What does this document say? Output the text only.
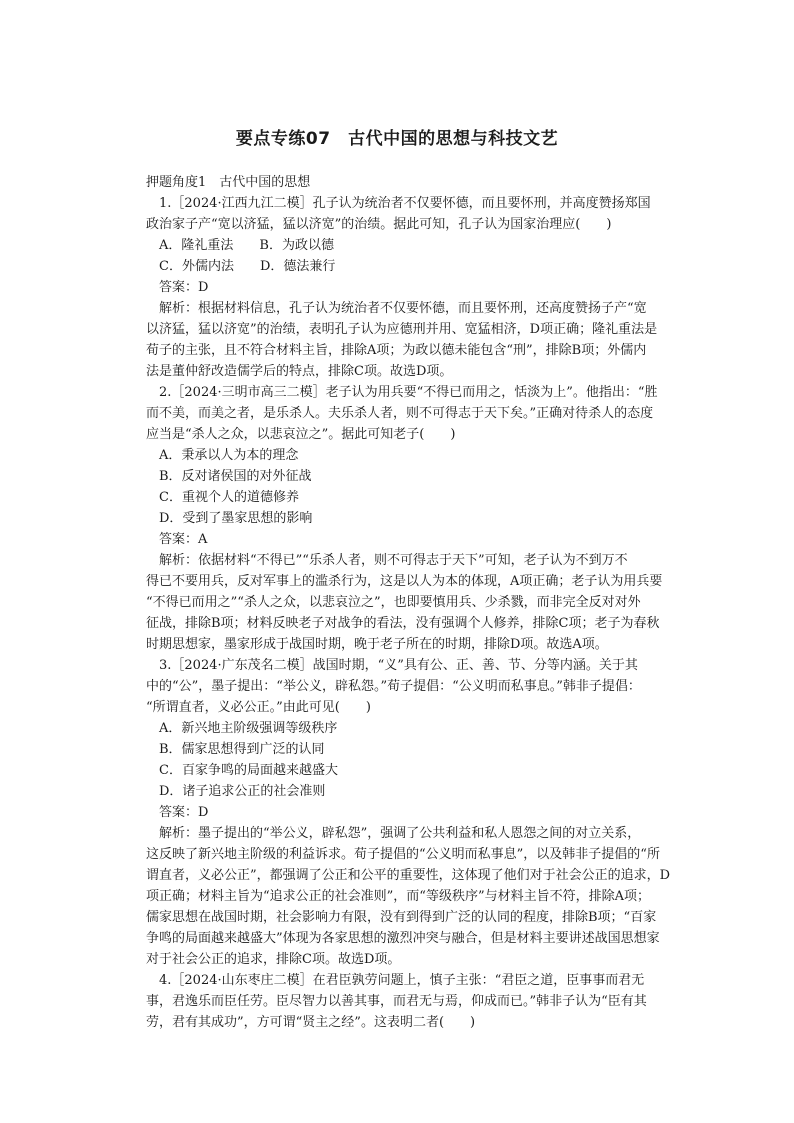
要点专练07　古代中国的思想与科技文艺
押题角度1　古代中国的思想
　1.［2024·江西九江二模］孔子认为统治者不仅要怀德，而且要怀刑，并高度赞扬郑国
政治家子产“宽以济猛，猛以济宽”的治绩。据此可知，孔子认为国家治理应(　　)
　A．隆礼重法　　B．为政以德
　C．外儒内法　　D．德法兼行
　答案：D
　解析：根据材料信息，孔子认为统治者不仅要怀德，而且要怀刑，还高度赞扬子产“宽
以济猛，猛以济宽”的治绩，表明孔子认为应德刑并用、宽猛相济，D项正确；隆礼重法是
荀子的主张，且不符合材料主旨，排除A项；为政以德未能包含“刑”，排除B项；外儒内
法是董仲舒改造儒学后的特点，排除C项。故选D项。
　2.［2024·三明市高三二模］老子认为用兵要“不得已而用之，恬淡为上”。他指出：“胜
而不美，而美之者，是乐杀人。夫乐杀人者，则不可得志于天下矣。”正确对待杀人的态度
应当是“杀人之众，以悲哀泣之”。据此可知老子(　　)
　A．秉承以人为本的理念
　B．反对诸侯国的对外征战
　C．重视个人的道德修养
　D．受到了墨家思想的影响
　答案：A
　解析：依据材料“不得已”“乐杀人者，则不可得志于天下”可知，老子认为不到万不
得已不要用兵，反对军事上的滥杀行为，这是以人为本的体现，A项正确；老子认为用兵要
“不得已而用之”“杀人之众，以悲哀泣之”，也即要慎用兵、少杀戮，而非完全反对对外
征战，排除B项；材料反映老子对战争的看法，没有强调个人修养，排除C项；老子为春秋
时期思想家，墨家形成于战国时期，晚于老子所在的时期，排除D项。故选A项。
　3.［2024·广东茂名二模］战国时期，“义”具有公、正、善、节、分等内涵。关于其
中的“公”，墨子提出：“举公义，辟私怨。”荀子提倡：“公义明而私事息。”韩非子提倡：
“所谓直者，义必公正。”由此可见(　　)
　A．新兴地主阶级强调等级秩序
　B．儒家思想得到广泛的认同
　C．百家争鸣的局面越来越盛大
　D．诸子追求公正的社会准则
　答案：D
　解析：墨子提出的“举公义，辟私怨”，强调了公共利益和私人恩怨之间的对立关系，
这反映了新兴地主阶级的利益诉求。荀子提倡的“公义明而私事息”，以及韩非子提倡的“所
谓直者，义必公正”，都强调了公正和公平的重要性，这体现了他们对于社会公正的追求，D
项正确；材料主旨为“追求公正的社会准则”，而“等级秩序”与材料主旨不符，排除A项；
儒家思想在战国时期，社会影响力有限，没有到得到广泛的认同的程度，排除B项；“百家
争鸣的局面越来越盛大”体现为各家思想的激烈冲突与融合，但是材料主要讲述战国思想家
对于社会公正的追求，排除C项。故选D项。
　4.［2024·山东枣庄二模］在君臣孰劳问题上，慎子主张：“君臣之道，臣事事而君无
事，君逸乐而臣任劳。臣尽智力以善其事，而君无与焉，仰成而已。”韩非子认为“臣有其
劳，君有其成功”，方可谓“贤主之经”。这表明二者(　　)
